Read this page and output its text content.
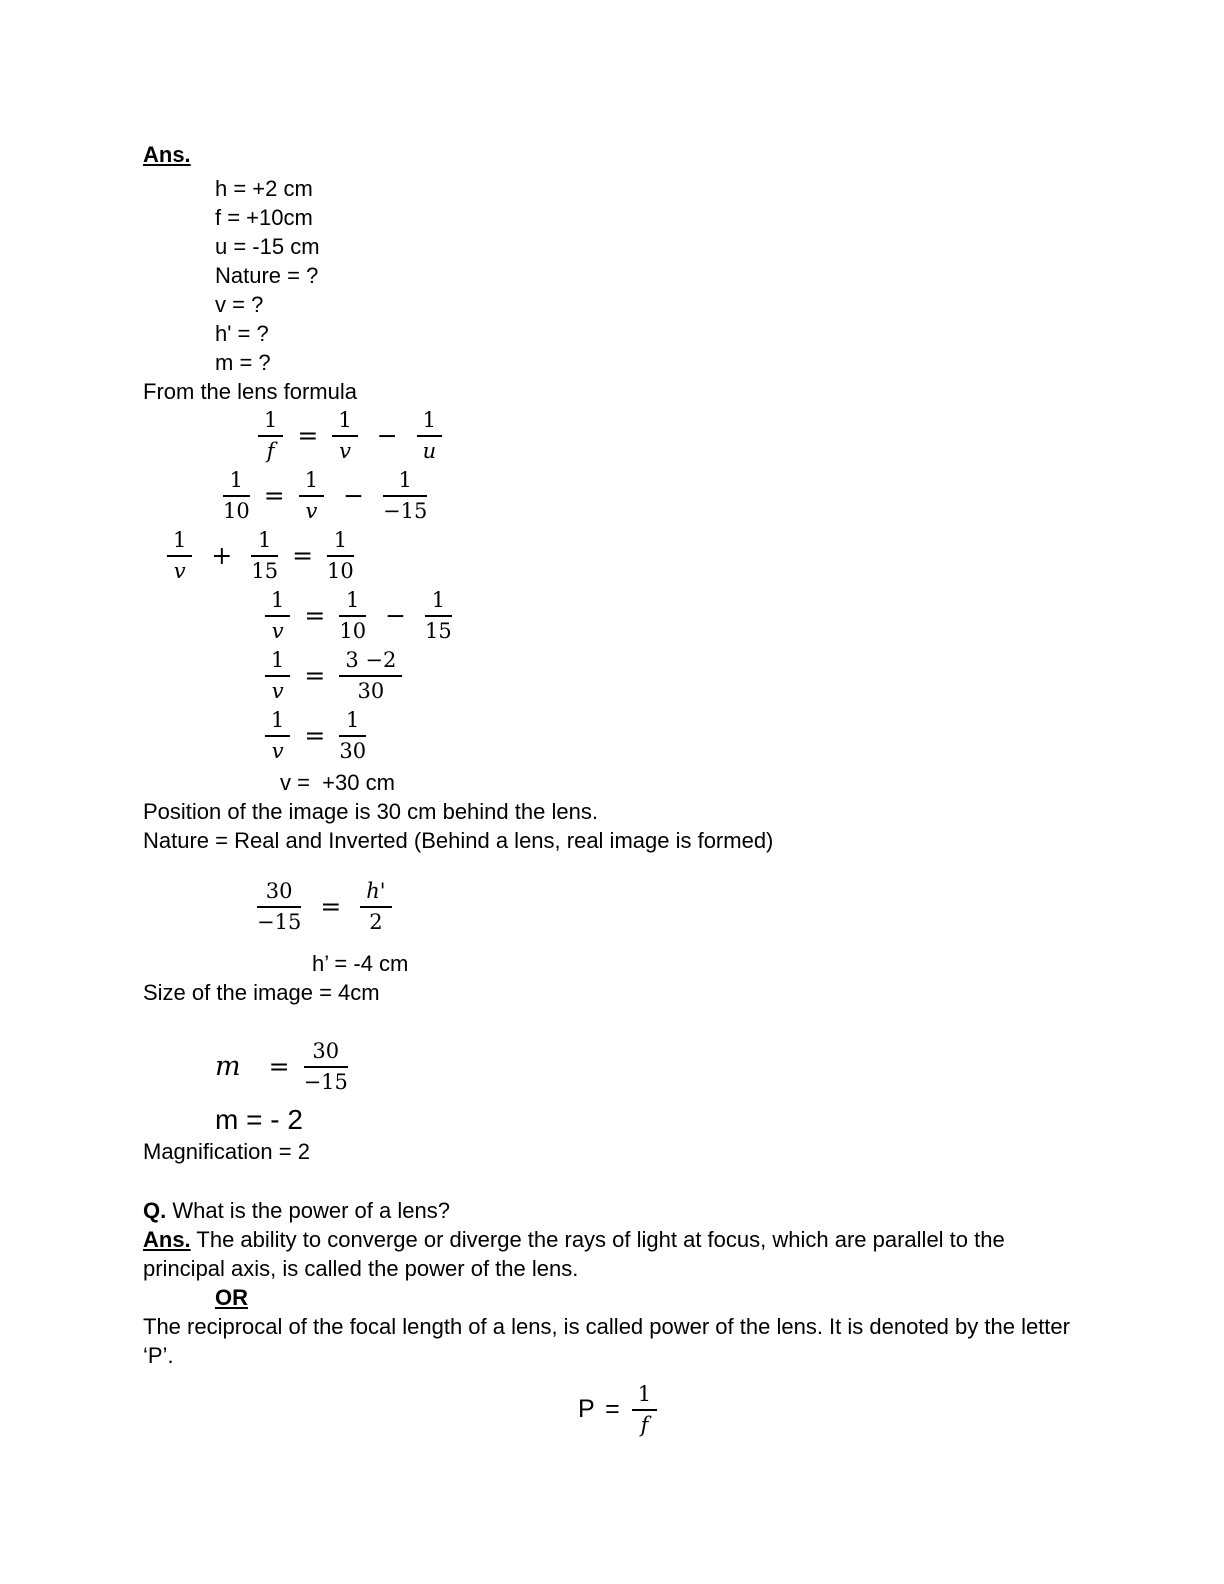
Ans.
h = +2 cm
f = +10cm
u = -15 cm
Nature = ?
v = ?
h' = ?
m = ?
From the lens formula
$\frac{1}{f} = \frac{1}{v} - \frac{1}{u}$
$\frac{1}{10} = \frac{1}{v} - \frac{1}{-15}$
$\frac{1}{v} + \frac{1}{15} = \frac{1}{10}$
$\frac{1}{v} = \frac{1}{10} - \frac{1}{15}$
$\frac{1}{v} = \frac{3 -2}{30}$
$\frac{1}{v} = \frac{1}{30}$
v =  +30 cm
Position of the image is 30 cm behind the lens.
Nature = Real and Inverted (Behind a lens, real image is formed)
$\frac{30}{-15} = \frac{h'}{2}$
h’ = -4 cm
Size of the image = 4cm
$m = \frac{30}{-15}$
m = - 2
Magnification = 2
Q. What is the power of a lens?
Ans. The ability to converge or diverge the rays of light at focus, which are parallel to the
principal axis, is called the power of the lens.
OR
The reciprocal of the focal length of a lens, is called power of the lens. It is denoted by the letter
‘P’.
$P = \frac{1}{f}$
